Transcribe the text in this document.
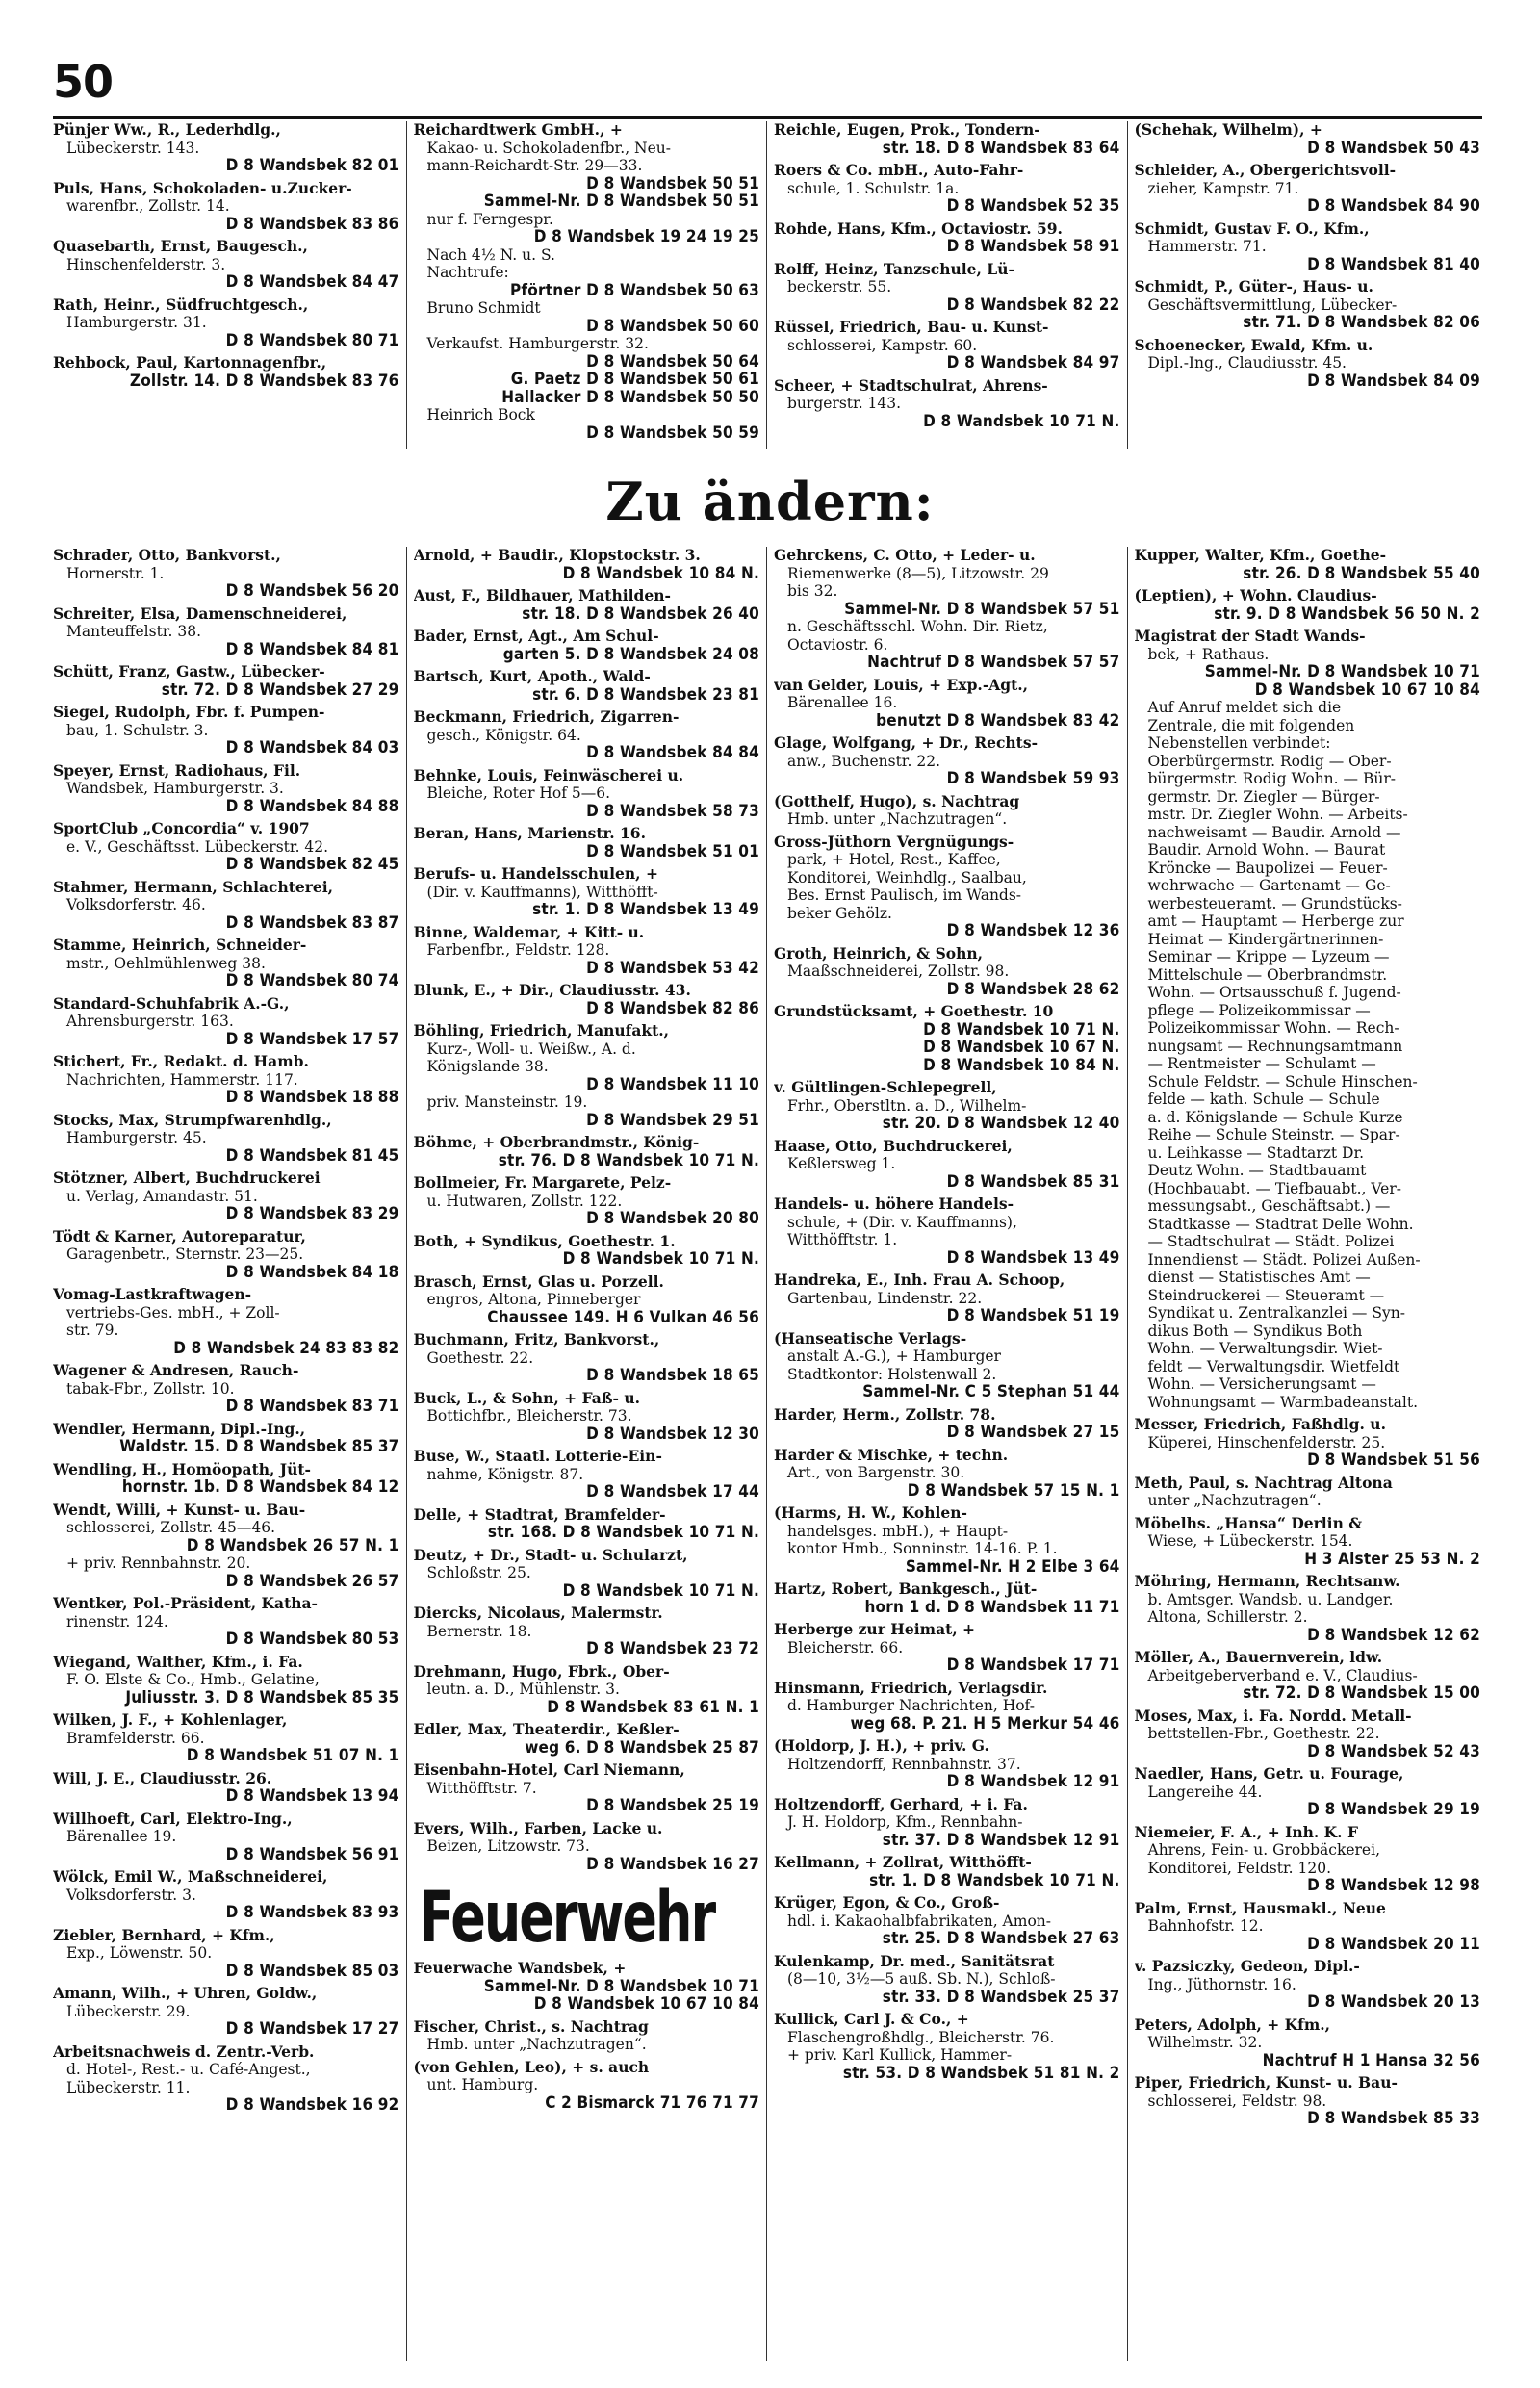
50
Pünjer Ww., R., Lederhdlg.,
Lübeckerstr. 143.
D 8 Wandsbek 82 01
Puls, Hans, Schokoladen- u.Zucker-
warenfbr., Zollstr. 14.
D 8 Wandsbek 83 86
Quasebarth, Ernst, Baugesch.,
Hinschenfelderstr. 3.
D 8 Wandsbek 84 47
Rath, Heinr., Südfruchtgesch.,
Hamburgerstr. 31.
D 8 Wandsbek 80 71
Rehbock, Paul, Kartonnagenfbr.,
Zollstr. 14. D 8 Wandsbek 83 76
Reichardtwerk GmbH., +
Kakao- u. Schokoladenfbr., Neu-
mann-Reichardt-Str. 29—33.
D 8 Wandsbek 50 51
Sammel-Nr. D 8 Wandsbek 50 51
nur f. Ferngespr.
D 8 Wandsbek 19 24 19 25
Nach 4½ N. u. S.
Nachtrufe:
Pförtner D 8 Wandsbek 50 63
Bruno Schmidt
D 8 Wandsbek 50 60
Verkaufst. Hamburgerstr. 32.
D 8 Wandsbek 50 64
G. Paetz D 8 Wandsbek 50 61
Hallacker D 8 Wandsbek 50 50
Heinrich Bock
D 8 Wandsbek 50 59
Reichle, Eugen, Prok., Tondern-
str. 18. D 8 Wandsbek 83 64
Roers & Co. mbH., Auto-Fahr-
schule, 1. Schulstr. 1a.
D 8 Wandsbek 52 35
Rohde, Hans, Kfm., Octaviostr. 59.
D 8 Wandsbek 58 91
Rolff, Heinz, Tanzschule, Lü-
beckerstr. 55.
D 8 Wandsbek 82 22
Rüssel, Friedrich, Bau- u. Kunst-
schlosserei, Kampstr. 60.
D 8 Wandsbek 84 97
Scheer, + Stadtschulrat, Ahrens-
burgerstr. 143.
D 8 Wandsbek 10 71 N.
(Schehak, Wilhelm), +
D 8 Wandsbek 50 43
Schleider, A., Obergerichtsvoll-
zieher, Kampstr. 71.
D 8 Wandsbek 84 90
Schmidt, Gustav F. O., Kfm.,
Hammerstr. 71.
D 8 Wandsbek 81 40
Schmidt, P., Güter-, Haus- u.
Geschäftsvermittlung, Lübecker-
str. 71. D 8 Wandsbek 82 06
Schoenecker, Ewald, Kfm. u.
Dipl.-Ing., Claudiusstr. 45.
D 8 Wandsbek 84 09
Zu ändern:
Schrader, Otto, Bankvorst.,
Hornerstr. 1.
D 8 Wandsbek 56 20
Schreiter, Elsa, Damenschneiderei,
Manteuffelstr. 38.
D 8 Wandsbek 84 81
Schütt, Franz, Gastw., Lübecker-
str. 72. D 8 Wandsbek 27 29
Siegel, Rudolph, Fbr. f. Pumpen-
bau, 1. Schulstr. 3.
D 8 Wandsbek 84 03
Speyer, Ernst, Radiohaus, Fil.
Wandsbek, Hamburgerstr. 3.
D 8 Wandsbek 84 88
SportClub „Concordia“ v. 1907
e. V., Geschäftsst. Lübeckerstr. 42.
D 8 Wandsbek 82 45
Stahmer, Hermann, Schlachterei,
Volksdorferstr. 46.
D 8 Wandsbek 83 87
Stamme, Heinrich, Schneider-
mstr., Oehlmühlenweg 38.
D 8 Wandsbek 80 74
Standard-Schuhfabrik A.-G.,
Ahrensburgerstr. 163.
D 8 Wandsbek 17 57
Stichert, Fr., Redakt. d. Hamb.
Nachrichten, Hammerstr. 117.
D 8 Wandsbek 18 88
Stocks, Max, Strumpfwarenhdlg.,
Hamburgerstr. 45.
D 8 Wandsbek 81 45
Stötzner, Albert, Buchdruckerei
u. Verlag, Amandastr. 51.
D 8 Wandsbek 83 29
Tödt & Karner, Autoreparatur,
Garagenbetr., Sternstr. 23—25.
D 8 Wandsbek 84 18
Vomag-Lastkraftwagen-
vertriebs-Ges. mbH., + Zoll-
str. 79.
D 8 Wandsbek 24 83 83 82
Wagener & Andresen, Rauch-
tabak-Fbr., Zollstr. 10.
D 8 Wandsbek 83 71
Wendler, Hermann, Dipl.-Ing.,
Waldstr. 15. D 8 Wandsbek 85 37
Wendling, H., Homöopath, Jüt-
hornstr. 1b. D 8 Wandsbek 84 12
Wendt, Willi, + Kunst- u. Bau-
schlosserei, Zollstr. 45—46.
D 8 Wandsbek 26 57 N. 1
+ priv. Rennbahnstr. 20.
D 8 Wandsbek 26 57
Wentker, Pol.-Präsident, Katha-
rinenstr. 124.
D 8 Wandsbek 80 53
Wiegand, Walther, Kfm., i. Fa.
F. O. Elste & Co., Hmb., Gelatine,
Juliusstr. 3. D 8 Wandsbek 85 35
Wilken, J. F., + Kohlenlager,
Bramfelderstr. 66.
D 8 Wandsbek 51 07 N. 1
Will, J. E., Claudiusstr. 26.
D 8 Wandsbek 13 94
Willhoeft, Carl, Elektro-Ing.,
Bärenallee 19.
D 8 Wandsbek 56 91
Wölck, Emil W., Maßschneiderei,
Volksdorferstr. 3.
D 8 Wandsbek 83 93
Ziebler, Bernhard, + Kfm.,
Exp., Löwenstr. 50.
D 8 Wandsbek 85 03
Amann, Wilh., + Uhren, Goldw.,
Lübeckerstr. 29.
D 8 Wandsbek 17 27
Arbeitsnachweis d. Zentr.-Verb.
d. Hotel-, Rest.- u. Café-Angest.,
Lübeckerstr. 11.
D 8 Wandsbek 16 92
Arnold, + Baudir., Klopstockstr. 3.
D 8 Wandsbek 10 84 N.
Aust, F., Bildhauer, Mathilden-
str. 18. D 8 Wandsbek 26 40
Bader, Ernst, Agt., Am Schul-
garten 5. D 8 Wandsbek 24 08
Bartsch, Kurt, Apoth., Wald-
str. 6. D 8 Wandsbek 23 81
Beckmann, Friedrich, Zigarren-
gesch., Königstr. 64.
D 8 Wandsbek 84 84
Behnke, Louis, Feinwäscherei u.
Bleiche, Roter Hof 5—6.
D 8 Wandsbek 58 73
Beran, Hans, Marienstr. 16.
D 8 Wandsbek 51 01
Berufs- u. Handelsschulen, +
(Dir. v. Kauffmanns), Witthöfft-
str. 1. D 8 Wandsbek 13 49
Binne, Waldemar, + Kitt- u.
Farbenfbr., Feldstr. 128.
D 8 Wandsbek 53 42
Blunk, E., + Dir., Claudiusstr. 43.
D 8 Wandsbek 82 86
Böhling, Friedrich, Manufakt.,
Kurz-, Woll- u. Weißw., A. d.
Königslande 38.
D 8 Wandsbek 11 10
priv. Mansteinstr. 19.
D 8 Wandsbek 29 51
Böhme, + Oberbrandmstr., König-
str. 76. D 8 Wandsbek 10 71 N.
Bollmeier, Fr. Margarete, Pelz-
u. Hutwaren, Zollstr. 122.
D 8 Wandsbek 20 80
Both, + Syndikus, Goethestr. 1.
D 8 Wandsbek 10 71 N.
Brasch, Ernst, Glas u. Porzell.
engros, Altona, Pinneberger
Chaussee 149. H 6 Vulkan 46 56
Buchmann, Fritz, Bankvorst.,
Goethestr. 22.
D 8 Wandsbek 18 65
Buck, L., & Sohn, + Faß- u.
Bottichfbr., Bleicherstr. 73.
D 8 Wandsbek 12 30
Buse, W., Staatl. Lotterie-Ein-
nahme, Königstr. 87.
D 8 Wandsbek 17 44
Delle, + Stadtrat, Bramfelder-
str. 168. D 8 Wandsbek 10 71 N.
Deutz, + Dr., Stadt- u. Schularzt,
Schloßstr. 25.
D 8 Wandsbek 10 71 N.
Diercks, Nicolaus, Malermstr.
Bernerstr. 18.
D 8 Wandsbek 23 72
Drehmann, Hugo, Fbrk., Ober-
leutn. a. D., Mühlenstr. 3.
D 8 Wandsbek 83 61 N. 1
Edler, Max, Theaterdir., Keßler-
weg 6. D 8 Wandsbek 25 87
Eisenbahn-Hotel, Carl Niemann,
Witthöfftstr. 7.
D 8 Wandsbek 25 19
Evers, Wilh., Farben, Lacke u.
Beizen, Litzowstr. 73.
D 8 Wandsbek 16 27
Feuerwehr
Feuerwache Wandsbek, +
Sammel-Nr. D 8 Wandsbek 10 71
D 8 Wandsbek 10 67 10 84
Fischer, Christ., s. Nachtrag
Hmb. unter „Nachzutragen“.
(von Gehlen, Leo), + s. auch
unt. Hamburg.
C 2 Bismarck 71 76 71 77
Gehrckens, C. Otto, + Leder- u.
Riemenwerke (8—5), Litzowstr. 29
bis 32.
Sammel-Nr. D 8 Wandsbek 57 51
n. Geschäftsschl. Wohn. Dir. Rietz,
Octaviostr. 6.
Nachtruf D 8 Wandsbek 57 57
van Gelder, Louis, + Exp.-Agt.,
Bärenallee 16.
benutzt D 8 Wandsbek 83 42
Glage, Wolfgang, + Dr., Rechts-
anw., Buchenstr. 22.
D 8 Wandsbek 59 93
(Gotthelf, Hugo), s. Nachtrag
Hmb. unter „Nachzutragen“.
Gross-Jüthorn Vergnügungs-
park, + Hotel, Rest., Kaffee,
Konditorei, Weinhdlg., Saalbau,
Bes. Ernst Paulisch, im Wands-
beker Gehölz.
D 8 Wandsbek 12 36
Groth, Heinrich, & Sohn,
Maaßschneiderei, Zollstr. 98.
D 8 Wandsbek 28 62
Grundstücksamt, + Goethestr. 10
D 8 Wandsbek 10 71 N.
D 8 Wandsbek 10 67 N.
D 8 Wandsbek 10 84 N.
v. Gültlingen-Schlepegrell,
Frhr., Oberstltn. a. D., Wilhelm-
str. 20. D 8 Wandsbek 12 40
Haase, Otto, Buchdruckerei,
Keßlersweg 1.
D 8 Wandsbek 85 31
Handels- u. höhere Handels-
schule, + (Dir. v. Kauffmanns),
Witthöfftstr. 1.
D 8 Wandsbek 13 49
Handreka, E., Inh. Frau A. Schoop,
Gartenbau, Lindenstr. 22.
D 8 Wandsbek 51 19
(Hanseatische Verlags-
anstalt A.-G.), + Hamburger
Stadtkontor: Holstenwall 2.
Sammel-Nr. C 5 Stephan 51 44
Harder, Herm., Zollstr. 78.
D 8 Wandsbek 27 15
Harder & Mischke, + techn.
Art., von Bargenstr. 30.
D 8 Wandsbek 57 15 N. 1
(Harms, H. W., Kohlen-
handelsges. mbH.), + Haupt-
kontor Hmb., Sonninstr. 14-16. P. 1.
Sammel-Nr. H 2 Elbe 3 64
Hartz, Robert, Bankgesch., Jüt-
horn 1 d. D 8 Wandsbek 11 71
Herberge zur Heimat, +
Bleicherstr. 66.
D 8 Wandsbek 17 71
Hinsmann, Friedrich, Verlagsdir.
d. Hamburger Nachrichten, Hof-
weg 68. P. 21. H 5 Merkur 54 46
(Holdorp, J. H.), + priv. G.
Holtzendorff, Rennbahnstr. 37.
D 8 Wandsbek 12 91
Holtzendorff, Gerhard, + i. Fa.
J. H. Holdorp, Kfm., Rennbahn-
str. 37. D 8 Wandsbek 12 91
Kellmann, + Zollrat, Witthöfft-
str. 1. D 8 Wandsbek 10 71 N.
Krüger, Egon, & Co., Groß-
hdl. i. Kakaohalbfabrikaten, Amon-
str. 25. D 8 Wandsbek 27 63
Kulenkamp, Dr. med., Sanitätsrat
(8—10, 3½—5 auß. Sb. N.), Schloß-
str. 33. D 8 Wandsbek 25 37
Kullick, Carl J. & Co., +
Flaschengroßhdlg., Bleicherstr. 76.
+ priv. Karl Kullick, Hammer-
str. 53. D 8 Wandsbek 51 81 N. 2
Kupper, Walter, Kfm., Goethe-
str. 26. D 8 Wandsbek 55 40
(Leptien), + Wohn. Claudius-
str. 9. D 8 Wandsbek 56 50 N. 2
Magistrat der Stadt Wands-
bek, + Rathaus.
Sammel-Nr. D 8 Wandsbek 10 71
D 8 Wandsbek 10 67 10 84
Auf Anruf meldet sich die
Zentrale, die mit folgenden
Nebenstellen verbindet:
Oberbürgermstr. Rodig — Ober-
bürgermstr. Rodig Wohn. — Bür-
germstr. Dr. Ziegler — Bürger-
mstr. Dr. Ziegler Wohn. — Arbeits-
nachweisamt — Baudir. Arnold —
Baudir. Arnold Wohn. — Baurat
Kröncke — Baupolizei — Feuer-
wehrwache — Gartenamt — Ge-
werbesteueramt. — Grundstücks-
amt — Hauptamt — Herberge zur
Heimat — Kindergärtnerinnen-
Seminar — Krippe — Lyzeum —
Mittelschule — Oberbrandmstr.
Wohn. — Ortsausschuß f. Jugend-
pflege — Polizeikommissar —
Polizeikommissar Wohn. — Rech-
nungsamt — Rechnungsamtmann
— Rentmeister — Schulamt —
Schule Feldstr. — Schule Hinschen-
felde — kath. Schule — Schule
a. d. Königslande — Schule Kurze
Reihe — Schule Steinstr. — Spar-
u. Leihkasse — Stadtarzt Dr.
Deutz Wohn. — Stadtbauamt
(Hochbauabt. — Tiefbauabt., Ver-
messungsabt., Geschäftsabt.) —
Stadtkasse — Stadtrat Delle Wohn.
— Stadtschulrat — Städt. Polizei
Innendienst — Städt. Polizei Außen-
dienst — Statistisches Amt —
Steindruckerei — Steueramt —
Syndikat u. Zentralkanzlei — Syn-
dikus Both — Syndikus Both
Wohn. — Verwaltungsdir. Wiet-
feldt — Verwaltungsdir. Wietfeldt
Wohn. — Versicherungsamt —
Wohnungsamt — Warmbadeanstalt.
Messer, Friedrich, Faßhdlg. u.
Küperei, Hinschenfelderstr. 25.
D 8 Wandsbek 51 56
Meth, Paul, s. Nachtrag Altona
unter „Nachzutragen“.
Möbelhs. „Hansa“ Derlin &
Wiese, + Lübeckerstr. 154.
H 3 Alster 25 53 N. 2
Möhring, Hermann, Rechtsanw.
b. Amtsger. Wandsb. u. Landger.
Altona, Schillerstr. 2.
D 8 Wandsbek 12 62
Möller, A., Bauernverein, ldw.
Arbeitgeberverband e. V., Claudius-
str. 72. D 8 Wandsbek 15 00
Moses, Max, i. Fa. Nordd. Metall-
bettstellen-Fbr., Goethestr. 22.
D 8 Wandsbek 52 43
Naedler, Hans, Getr. u. Fourage,
Langereihe 44.
D 8 Wandsbek 29 19
Niemeier, F. A., + Inh. K. F
Ahrens, Fein- u. Grobbäckerei,
Konditorei, Feldstr. 120.
D 8 Wandsbek 12 98
Palm, Ernst, Hausmakl., Neue
Bahnhofstr. 12.
D 8 Wandsbek 20 11
v. Pazsiczky, Gedeon, Dipl.-
Ing., Jüthornstr. 16.
D 8 Wandsbek 20 13
Peters, Adolph, + Kfm.,
Wilhelmstr. 32.
Nachtruf H 1 Hansa 32 56
Piper, Friedrich, Kunst- u. Bau-
schlosserei, Feldstr. 98.
D 8 Wandsbek 85 33
